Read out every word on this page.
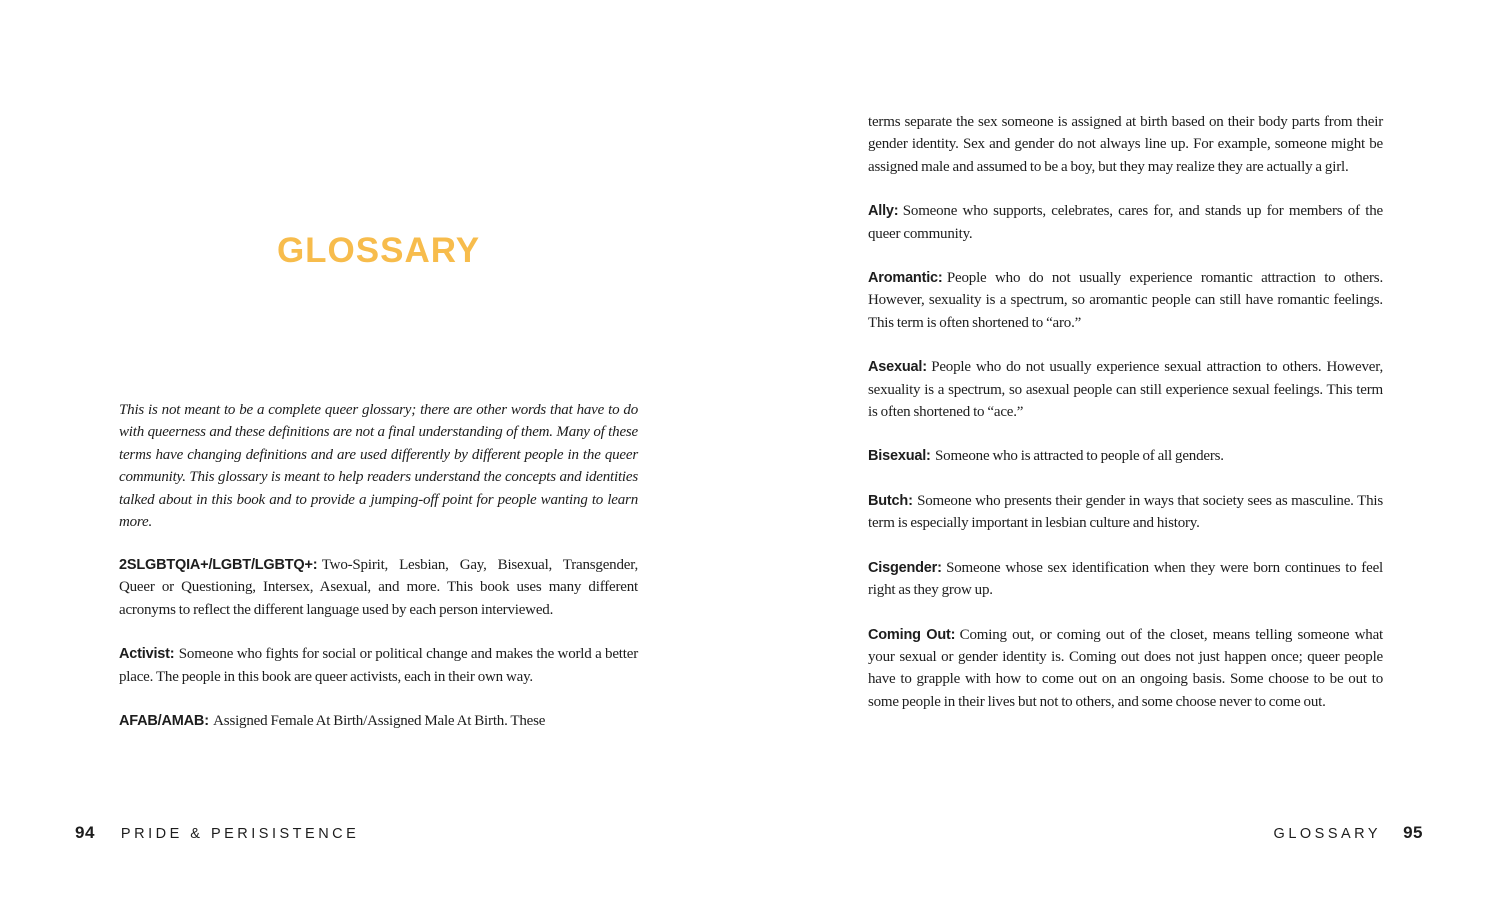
GLOSSARY

This is not meant to be a complete queer glossary; there are other words that have to do with queerness and these definitions are not a final understanding of them. Many of these terms have changing definitions and are used differently by different people in the queer community. This glossary is meant to help readers understand the concepts and identities talked about in this book and to provide a jumping-off point for people wanting to learn more.

2SLGBTQIA+/LGBT/LGBTQ+: Two-Spirit, Lesbian, Gay, Bisexual, Transgender, Queer or Questioning, Intersex, Asexual, and more. This book uses many different acronyms to reflect the different language used by each person interviewed.

Activist: Someone who fights for social or political change and makes the world a better place. The people in this book are queer activists, each in their own way.

AFAB/AMAB: Assigned Female At Birth/Assigned Male At Birth. These

94 PRIDE & PERISISTENCE

terms separate the sex someone is assigned at birth based on their body parts from their gender identity. Sex and gender do not always line up. For example, someone might be assigned male and assumed to be a boy, but they may realize they are actually a girl.

Ally: Someone who supports, celebrates, cares for, and stands up for members of the queer community.

Aromantic: People who do not usually experience romantic attraction to others. However, sexuality is a spectrum, so aromantic people can still have romantic feelings. This term is often shortened to “aro.”

Asexual: People who do not usually experience sexual attraction to others. However, sexuality is a spectrum, so asexual people can still experience sexual feelings. This term is often shortened to “ace.”

Bisexual: Someone who is attracted to people of all genders.

Butch: Someone who presents their gender in ways that society sees as masculine. This term is especially important in lesbian culture and history.

Cisgender: Someone whose sex identification when they were born continues to feel right as they grow up.

Coming Out: Coming out, or coming out of the closet, means telling someone what your sexual or gender identity is. Coming out does not just happen once; queer people have to grapple with how to come out on an ongoing basis. Some choose to be out to some people in their lives but not to others, and some choose never to come out.

GLOSSARY 95
